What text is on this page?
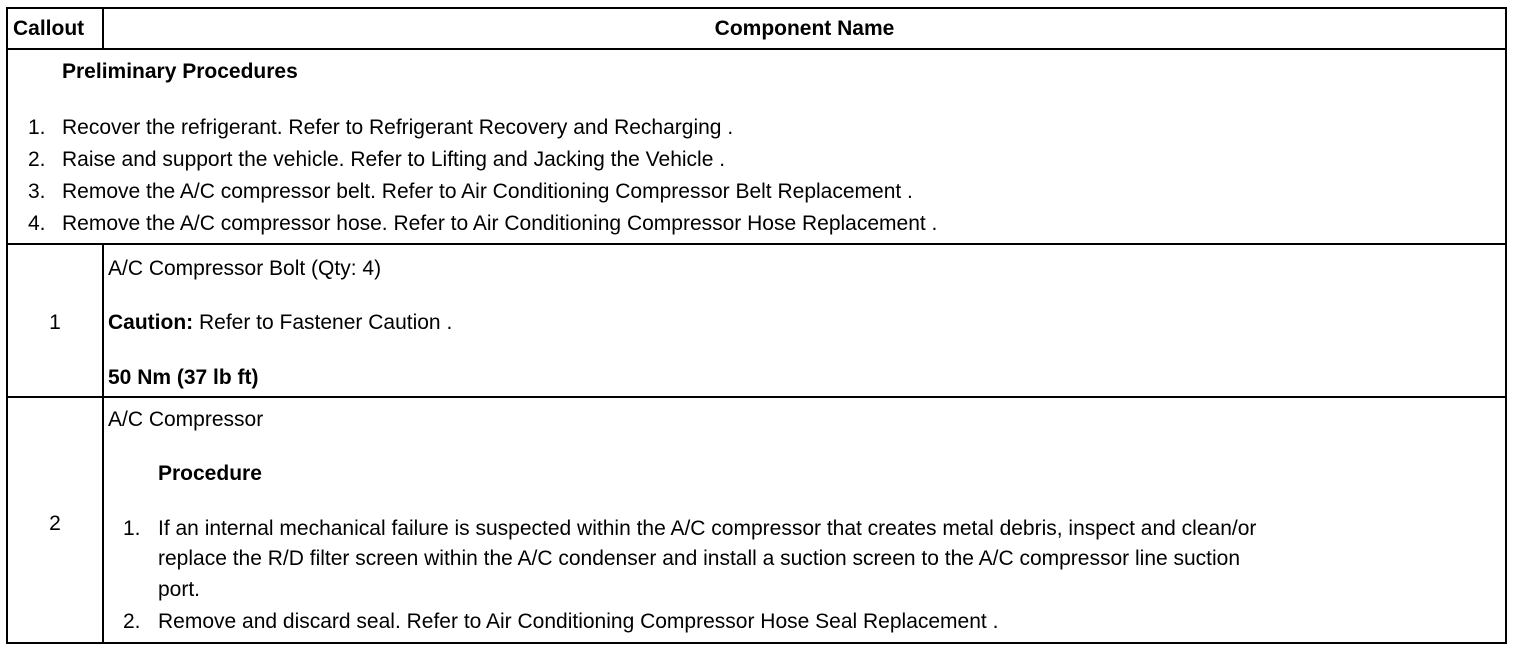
Callout	Component Name
Preliminary Procedures
1. Recover the refrigerant. Refer to Refrigerant Recovery and Recharging .
2. Raise and support the vehicle. Refer to Lifting and Jacking the Vehicle .
3. Remove the A/C compressor belt. Refer to Air Conditioning Compressor Belt Replacement .
4. Remove the A/C compressor hose. Refer to Air Conditioning Compressor Hose Replacement .
1
A/C Compressor Bolt (Qty: 4)
Caution: Refer to Fastener Caution .
50 Nm (37 lb ft)
2
A/C Compressor
Procedure
1. If an internal mechanical failure is suspected within the A/C compressor that creates metal debris, inspect and clean/or
replace the R/D filter screen within the A/C condenser and install a suction screen to the A/C compressor line suction
port.
2. Remove and discard seal. Refer to Air Conditioning Compressor Hose Seal Replacement .
